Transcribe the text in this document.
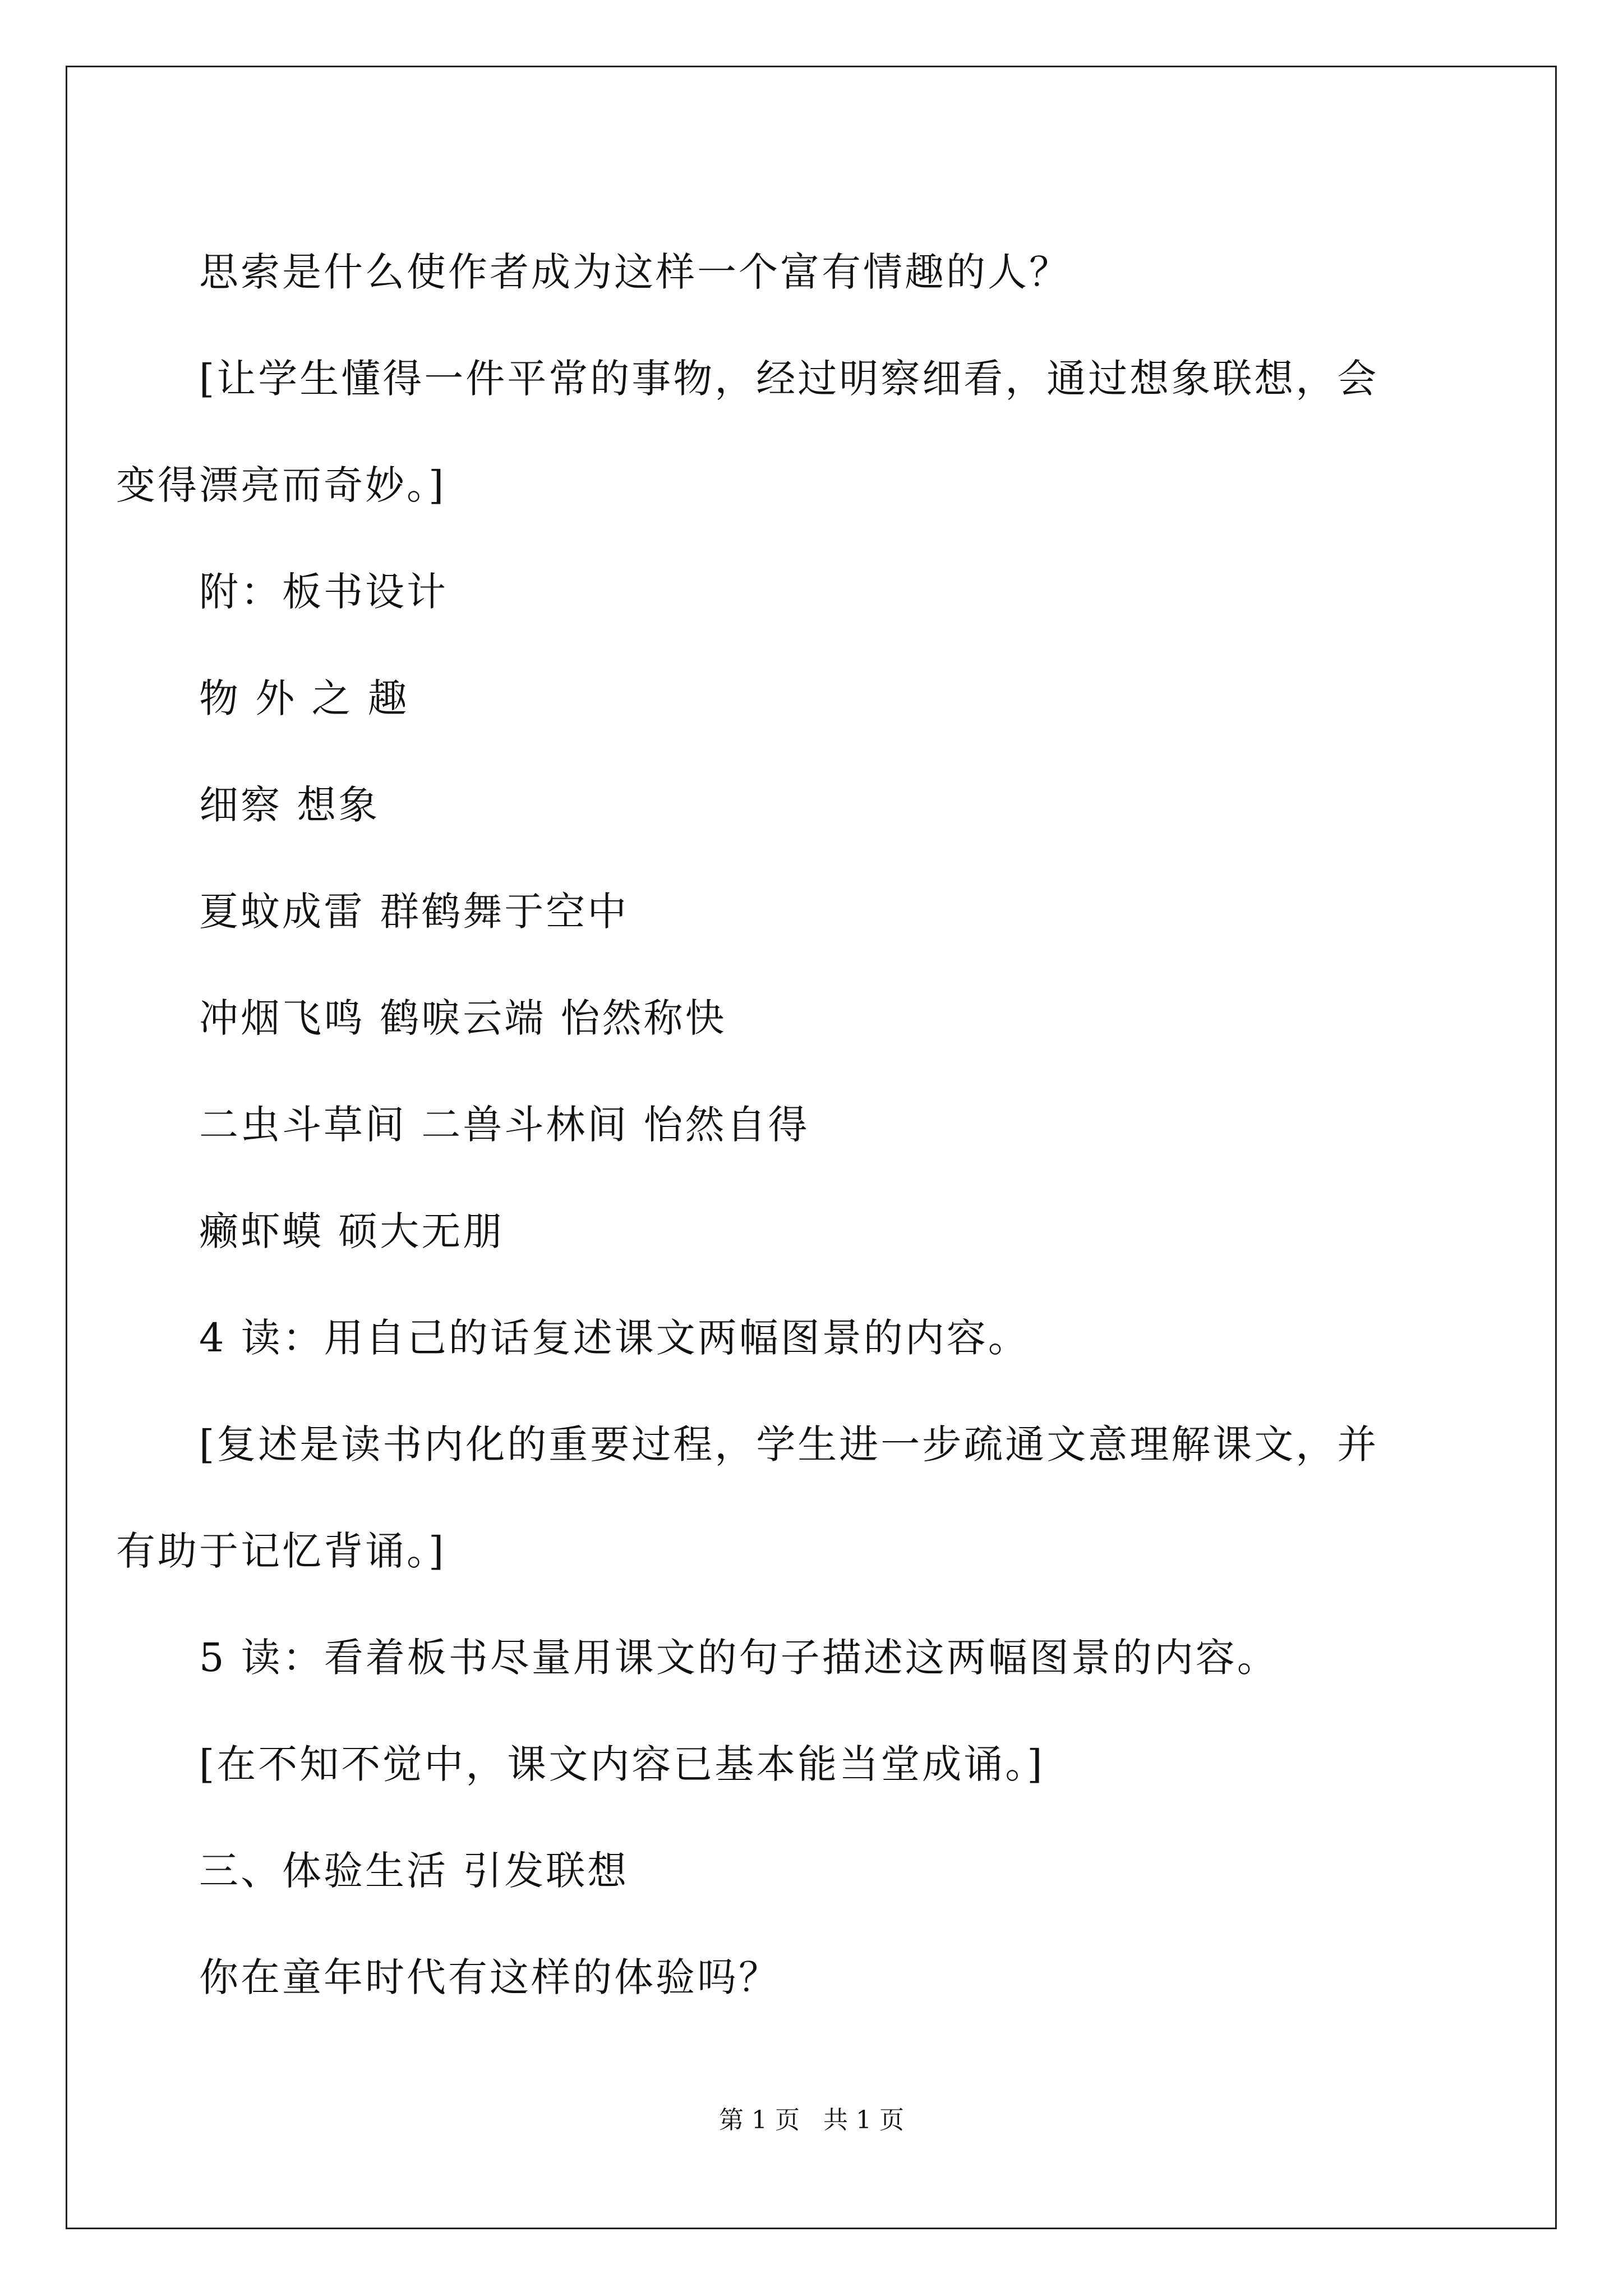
思索是什么使作者成为这样一个富有情趣的人？

[让学生懂得一件平常的事物，经过明察细看，通过想象联想，会

变得漂亮而奇妙。]

附：板书设计

物 外 之 趣

细察 想象

夏蚊成雷 群鹤舞于空中

冲烟飞鸣 鹤唳云端 怡然称快

二虫斗草间 二兽斗林间 怡然自得

癞虾蟆 硕大无朋

4 读：用自己的话复述课文两幅图景的内容。

[复述是读书内化的重要过程，学生进一步疏通文意理解课文，并

有助于记忆背诵。]

5 读：看着板书尽量用课文的句子描述这两幅图景的内容。

[在不知不觉中，课文内容已基本能当堂成诵。]

三、体验生活 引发联想

你在童年时代有这样的体验吗？

第 1 页 共 1 页
